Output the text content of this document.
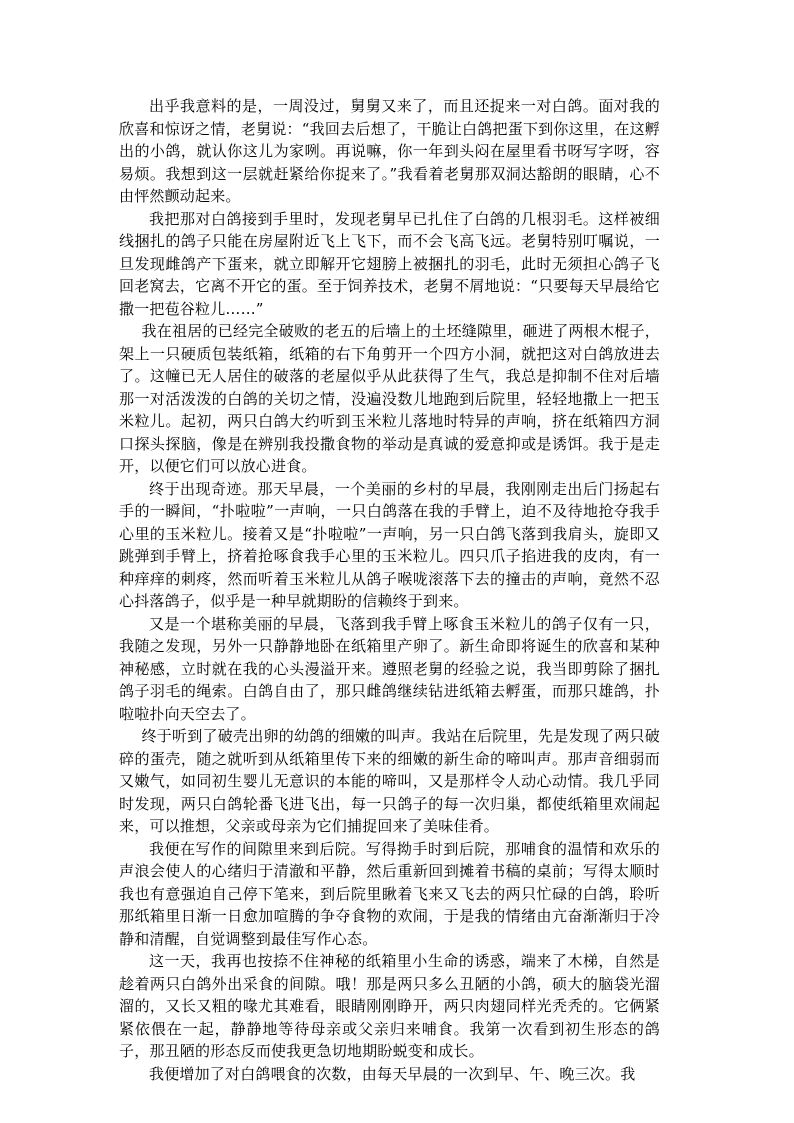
出乎我意料的是，一周没过，舅舅又来了，而且还捉来一对白鸽。面对我的欣喜和惊讶之情，老舅说：“我回去后想了，干脆让白鸽把蛋下到你这里，在这孵出的小鸽，就认你这儿为家咧。再说嘛，你一年到头闷在屋里看书呀写字呀，容易烦。我想到这一层就赶紧给你捉来了。”我看着老舅那双洞达豁朗的眼睛，心不由怦然颤动起来。

我把那对白鸽接到手里时，发现老舅早已扎住了白鸽的几根羽毛。这样被细线捆扎的鸽子只能在房屋附近飞上飞下，而不会飞高飞远。老舅特别叮嘱说，一旦发现雌鸽产下蛋来，就立即解开它翅膀上被捆扎的羽毛，此时无须担心鸽子飞回老窝去，它离不开它的蛋。至于饲养技术，老舅不屑地说：“只要每天早晨给它撒一把苞谷粒儿……”

我在祖居的已经完全破败的老五的后墙上的土坯缝隙里，砸进了两根木棍子，架上一只硬质包装纸箱，纸箱的右下角剪开一个四方小洞，就把这对白鸽放进去了。这幢已无人居住的破落的老屋似乎从此获得了生气，我总是抑制不住对后墙那一对活泼泼的白鸽的关切之情，没遍没数儿地跑到后院里，轻轻地撒上一把玉米粒儿。起初，两只白鸽大约听到玉米粒儿落地时特异的声响，挤在纸箱四方洞口探头探脑，像是在辨别我投撒食物的举动是真诚的爱意抑或是诱饵。我于是走开，以便它们可以放心进食。

终于出现奇迹。那天早晨，一个美丽的乡村的早晨，我刚刚走出后门扬起右手的一瞬间，“扑啦啦”一声响，一只白鸽落在我的手臂上，迫不及待地抢夺我手心里的玉米粒儿。接着又是“扑啦啦”一声响，另一只白鸽飞落到我肩头，旋即又跳弹到手臂上，挤着抢啄食我手心里的玉米粒儿。四只爪子掐进我的皮肉，有一种痒痒的刺疼，然而听着玉米粒儿从鸽子喉咙滚落下去的撞击的声响，竟然不忍心抖落鸽子，似乎是一种早就期盼的信赖终于到来。

又是一个堪称美丽的早晨，飞落到我手臂上啄食玉米粒儿的鸽子仅有一只，我随之发现，另外一只静静地卧在纸箱里产卵了。新生命即将诞生的欣喜和某种神秘感，立时就在我的心头漫溢开来。遵照老舅的经验之说，我当即剪除了捆扎鸽子羽毛的绳索。白鸽自由了，那只雌鸽继续钻进纸箱去孵蛋，而那只雄鸽，扑啦啦扑向天空去了。

终于听到了破壳出卵的幼鸽的细嫩的叫声。我站在后院里，先是发现了两只破碎的蛋壳，随之就听到从纸箱里传下来的细嫩的新生命的啼叫声。那声音细弱而又嫩气，如同初生婴儿无意识的本能的啼叫，又是那样令人动心动情。我几乎同时发现，两只白鸽轮番飞进飞出，每一只鸽子的每一次归巢，都使纸箱里欢闹起来，可以推想，父亲或母亲为它们捕捉回来了美味佳肴。

我便在写作的间隙里来到后院。写得拗手时到后院，那哺食的温情和欢乐的声浪会使人的心绪归于清澈和平静，然后重新回到摊着书稿的桌前；写得太顺时我也有意强迫自己停下笔来，到后院里瞅着飞来又飞去的两只忙碌的白鸽，聆听那纸箱里日渐一日愈加喧腾的争夺食物的欢闹，于是我的情绪由亢奋渐渐归于冷静和清醒，自觉调整到最佳写作心态。

这一天，我再也按捺不住神秘的纸箱里小生命的诱惑，端来了木梯，自然是趁着两只白鸽外出采食的间隙。哦！那是两只多么丑陋的小鸽，硕大的脑袋光溜溜的，又长又粗的喙尤其难看，眼睛刚刚睁开，两只肉翅同样光秃秃的。它俩紧紧依偎在一起，静静地等待母亲或父亲归来哺食。我第一次看到初生形态的鸽子，那丑陋的形态反而使我更急切地期盼蜕变和成长。

我便增加了对白鸽喂食的次数，由每天早晨的一次到早、午、晚三次。我
